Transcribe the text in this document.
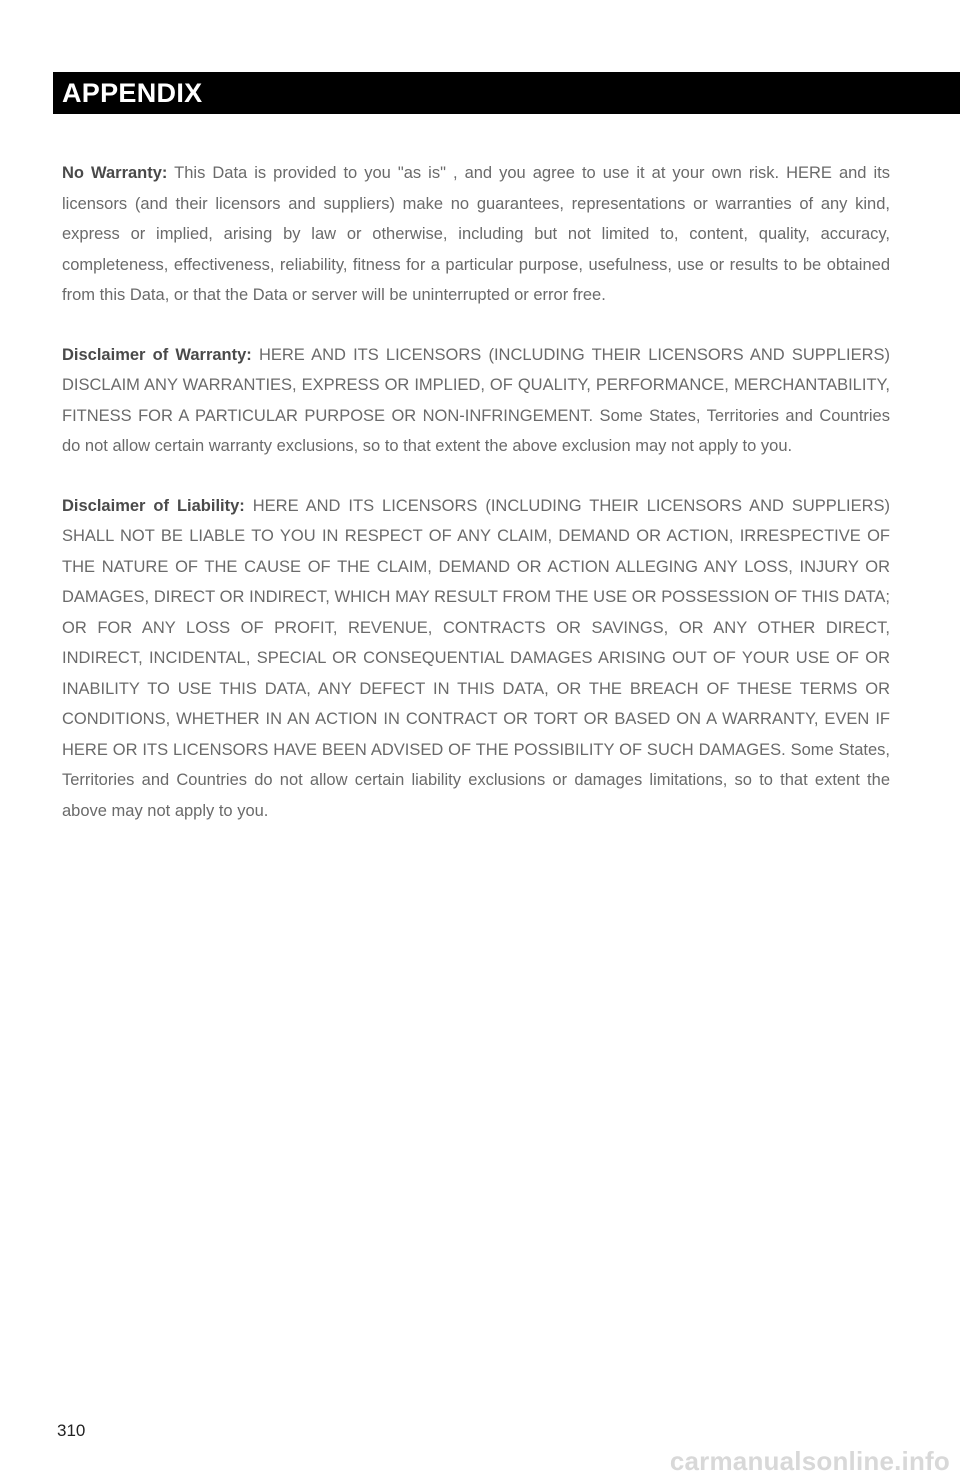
APPENDIX

No Warranty: This Data is provided to you "as is" , and you agree to use it at your own risk. HERE and its licensors (and their licensors and suppliers) make no guarantees, representations or warranties of any kind, express or implied, arising by law or otherwise, including but not limited to, content, quality, accuracy, completeness, effectiveness, reliability, fitness for a particular purpose, usefulness, use or results to be obtained from this Data, or that the Data or server will be uninterrupted or error free.

Disclaimer of Warranty: HERE AND ITS LICENSORS (INCLUDING THEIR LICENSORS AND SUPPLIERS) DISCLAIM ANY WARRANTIES, EXPRESS OR IMPLIED, OF QUALITY, PERFORMANCE, MERCHANTABILITY, FITNESS FOR A PARTICULAR PURPOSE OR NON-INFRINGEMENT. Some States, Territories and Countries do not allow certain warranty exclusions, so to that extent the above exclusion may not apply to you.

Disclaimer of Liability: HERE AND ITS LICENSORS (INCLUDING THEIR LICENSORS AND SUPPLIERS) SHALL NOT BE LIABLE TO YOU IN RESPECT OF ANY CLAIM, DEMAND OR ACTION, IRRESPECTIVE OF THE NATURE OF THE CAUSE OF THE CLAIM, DEMAND OR ACTION ALLEGING ANY LOSS, INJURY OR DAMAGES, DIRECT OR INDIRECT, WHICH MAY RESULT FROM THE USE OR POSSESSION OF THIS DATA; OR FOR ANY LOSS OF PROFIT, REVENUE, CONTRACTS OR SAVINGS, OR ANY OTHER DIRECT, INDIRECT, INCIDENTAL, SPECIAL OR CONSEQUENTIAL DAMAGES ARISING OUT OF YOUR USE OF OR INABILITY TO USE THIS DATA, ANY DEFECT IN THIS DATA, OR THE BREACH OF THESE TERMS OR CONDITIONS, WHETHER IN AN ACTION IN CONTRACT OR TORT OR BASED ON A WARRANTY, EVEN IF HERE OR ITS LICENSORS HAVE BEEN ADVISED OF THE POSSIBILITY OF SUCH DAMAGES. Some States, Territories and Countries do not allow certain liability exclusions or damages limitations, so to that extent the above may not apply to you.

310
carmanualsonline.info
